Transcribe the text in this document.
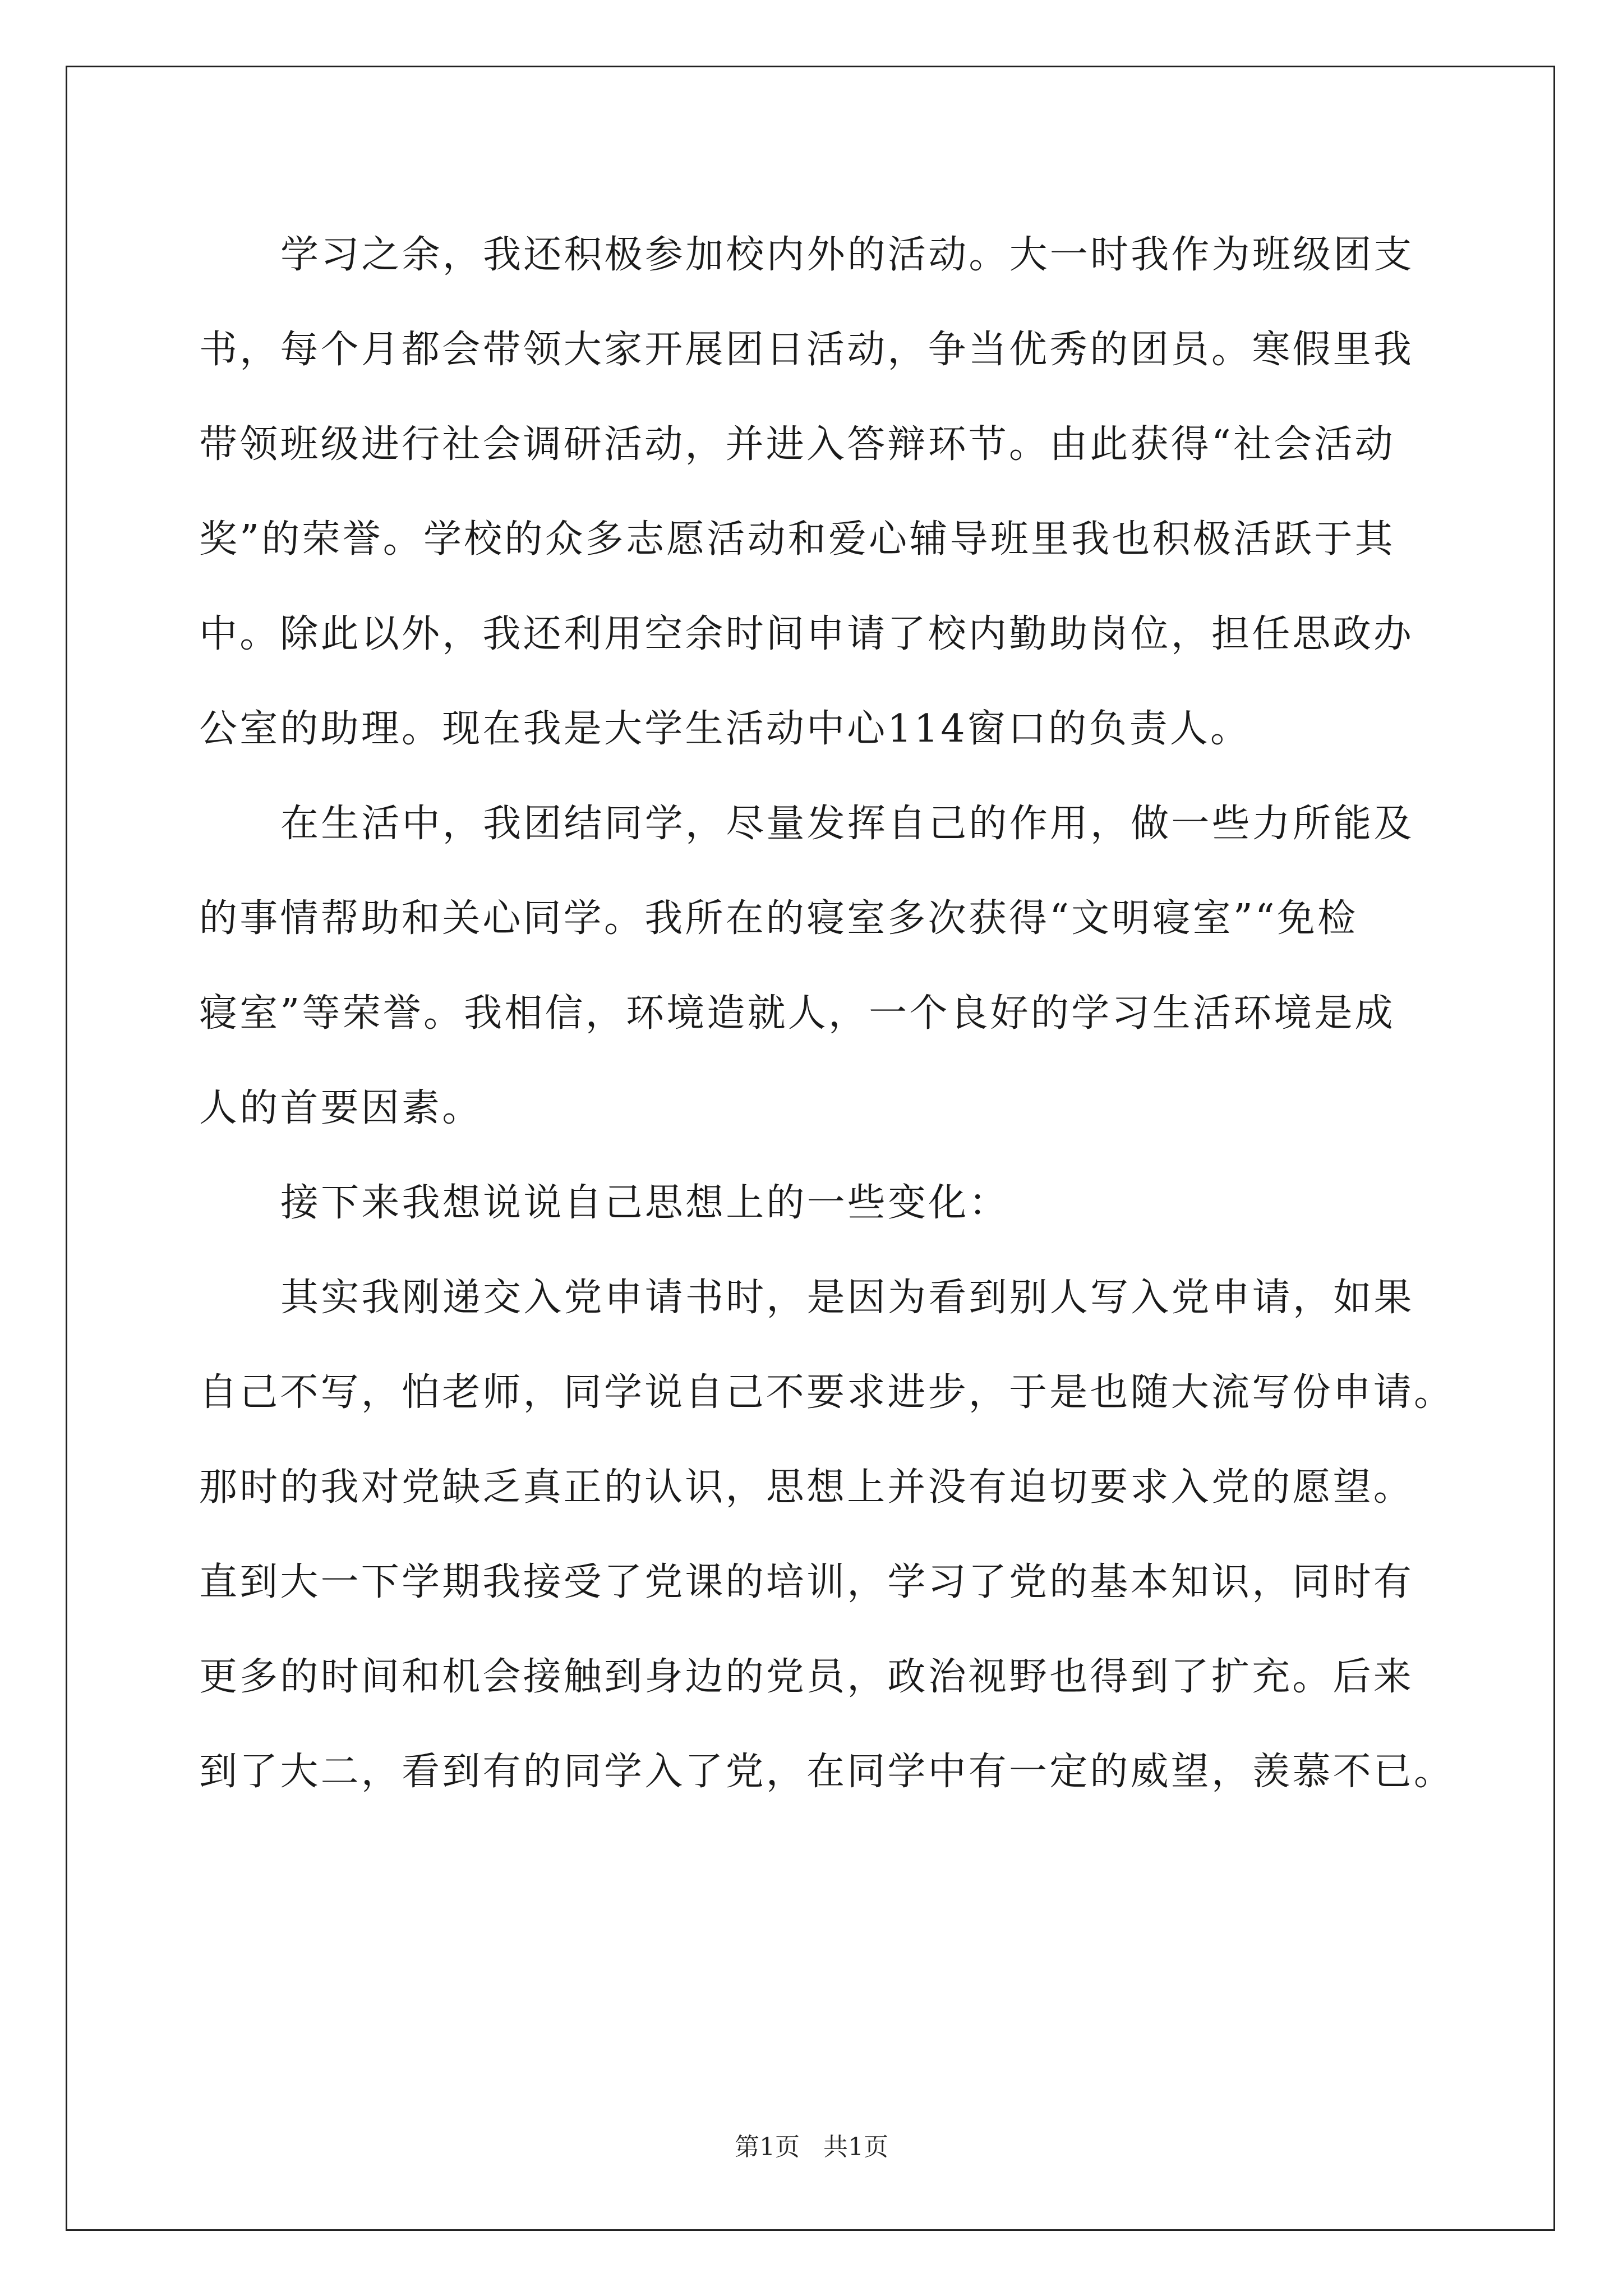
学习之余，我还积极参加校内外的活动。大一时我作为班级团支
书，每个月都会带领大家开展团日活动，争当优秀的团员。寒假里我
带领班级进行社会调研活动，并进入答辩环节。由此获得“社会活动
奖”的荣誉。学校的众多志愿活动和爱心辅导班里我也积极活跃于其
中。除此以外，我还利用空余时间申请了校内勤助岗位，担任思政办
公室的助理。现在我是大学生活动中心114窗口的负责人。
在生活中，我团结同学，尽量发挥自己的作用，做一些力所能及
的事情帮助和关心同学。我所在的寝室多次获得“文明寝室”“免检
寝室”等荣誉。我相信，环境造就人，一个良好的学习生活环境是成
人的首要因素。
接下来我想说说自己思想上的一些变化：
其实我刚递交入党申请书时，是因为看到别人写入党申请，如果
自己不写，怕老师，同学说自己不要求进步，于是也随大流写份申请。
那时的我对党缺乏真正的认识，思想上并没有迫切要求入党的愿望。
直到大一下学期我接受了党课的培训，学习了党的基本知识，同时有
更多的时间和机会接触到身边的党员，政治视野也得到了扩充。后来
到了大二，看到有的同学入了党，在同学中有一定的威望，羡慕不已。
第1页 共1页
